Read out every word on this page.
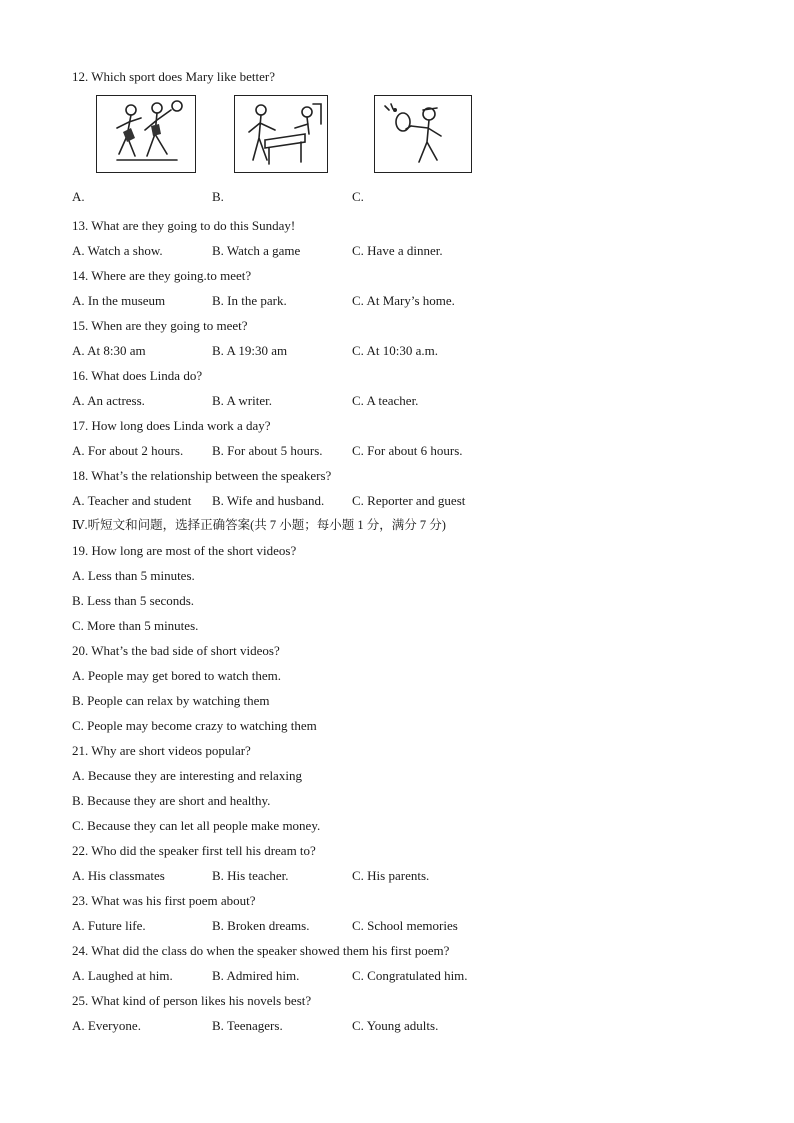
12. Which sport does Mary like better?
A.	B.	C.
13. What are they going to do this Sunday!
A. Watch a show.	B. Watch a game	C. Have a dinner.
14. Where are they going.to meet?
A. In the museum	B. In the park.	C. At Mary’s home.
15. When are they going to meet?
A. At 8:30 am	B. A 19:30 am	C. At 10:30 a.m.
16. What does Linda do?
A. An actress.	B. A writer.	C. A teacher.
17. How long does Linda work a day?
A. For about 2 hours. B. For about 5 hours. C. For about 6 hours.
18. What’s the relationship between the speakers?
A. Teacher and student B. Wife and husband. C. Reporter and guest
Ⅳ.听短文和问题，选择正确答案(共 7 小题；每小题 1 分，满分 7 分)
19. How long are most of the short videos?
A. Less than 5 minutes.
B. Less than 5 seconds.
C. More than 5 minutes.
20. What’s the bad side of short videos?
A. People may get bored to watch them.
B. People can relax by watching them
C. People may become crazy to watching them
21. Why are short videos popular?
A. Because they are interesting and relaxing
B. Because they are short and healthy.
C. Because they can let all people make money.
22. Who did the speaker first tell his dream to?
A. His classmates	B. His teacher.	C. His parents.
23. What was his first poem about?
A. Future life.	B. Broken dreams.	C. School memories
24. What did the class do when the speaker showed them his first poem?
A. Laughed at him.	B. Admired him.	C. Congratulated him.
25. What kind of person likes his novels best?
A. Everyone.	B. Teenagers.	C. Young adults.
